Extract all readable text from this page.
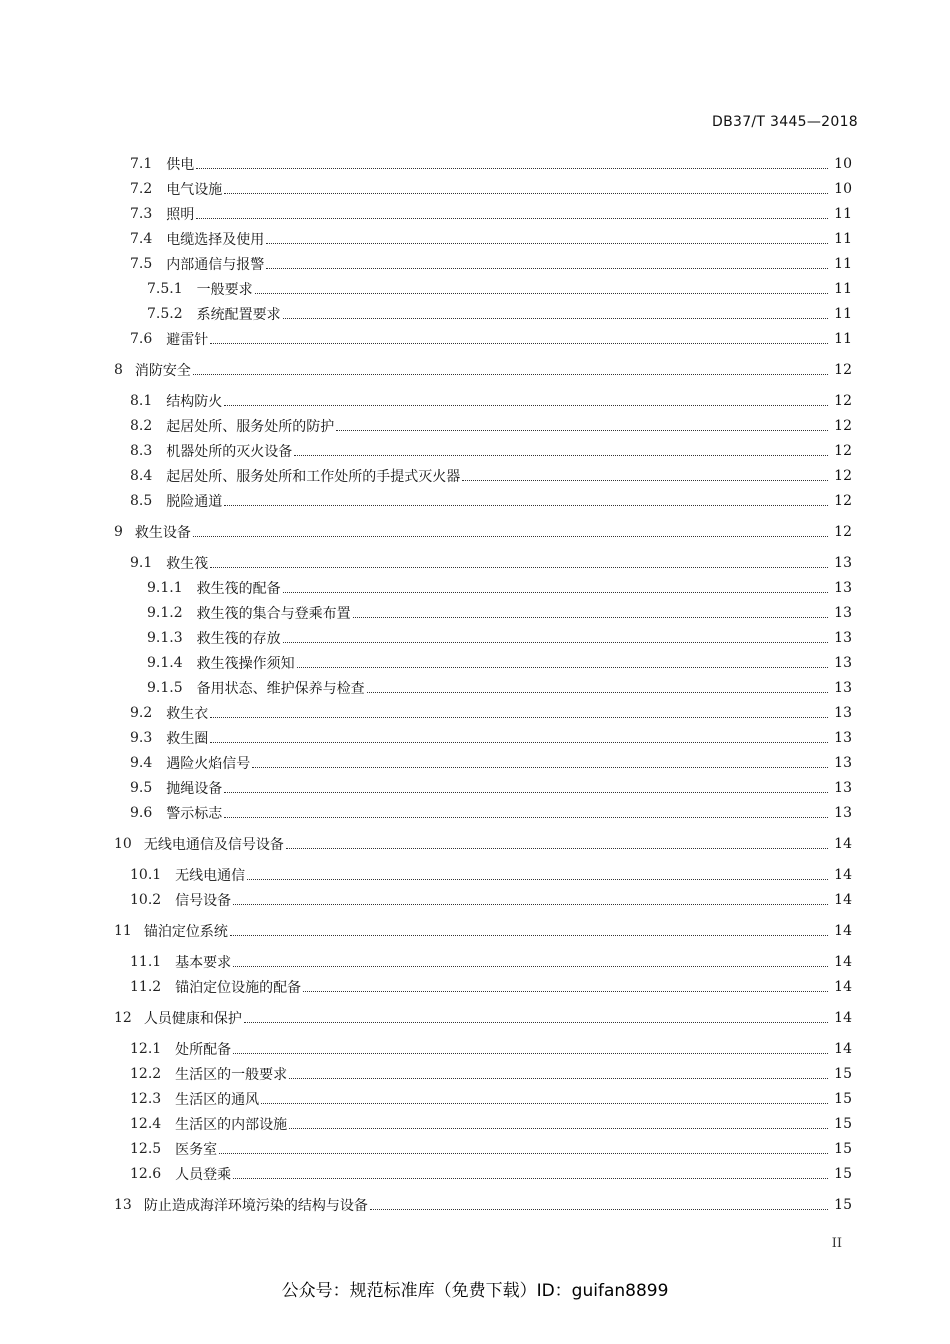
DB37/T 3445—2018
7.1 供电	10
7.2 电气设施	10
7.3 照明	11
7.4 电缆选择及使用	11
7.5 内部通信与报警	11
7.5.1 一般要求	11
7.5.2 系统配置要求	11
7.6 避雷针	11
8 消防安全	12
8.1 结构防火	12
8.2 起居处所、服务处所的防护	12
8.3 机器处所的灭火设备	12
8.4 起居处所、服务处所和工作处所的手提式灭火器	12
8.5 脱险通道	12
9 救生设备	12
9.1 救生筏	13
9.1.1 救生筏的配备	13
9.1.2 救生筏的集合与登乘布置	13
9.1.3 救生筏的存放	13
9.1.4 救生筏操作须知	13
9.1.5 备用状态、维护保养与检查	13
9.2 救生衣	13
9.3 救生圈	13
9.4 遇险火焰信号	13
9.5 抛绳设备	13
9.6 警示标志	13
10 无线电通信及信号设备	14
10.1 无线电通信	14
10.2 信号设备	14
11 锚泊定位系统	14
11.1 基本要求	14
11.2 锚泊定位设施的配备	14
12 人员健康和保护	14
12.1 处所配备	14
12.2 生活区的一般要求	15
12.3 生活区的通风	15
12.4 生活区的内部设施	15
12.5 医务室	15
12.6 人员登乘	15
13 防止造成海洋环境污染的结构与设备	15
II
公众号：规范标准库（免费下载）ID：guifan8899
